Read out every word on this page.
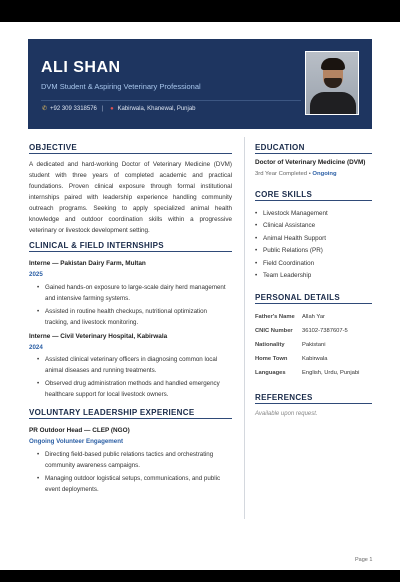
ALI SHAN
DVM Student & Aspiring Veterinary Professional
✆ +92 309 3318576 | ● Kabirwala, Khanewal, Punjab
OBJECTIVE
A dedicated and hard-working Doctor of Veterinary Medicine (DVM) student with three years of completed academic and practical foundations. Proven clinical exposure through formal institutional internships paired with leadership experience handling community outreach programs. Seeking to apply specialized animal health knowledge and outdoor coordination skills within a progressive veterinary or livestock development setting.
CLINICAL & FIELD INTERNSHIPS
Interne — Pakistan Dairy Farm, Multan
2025
• Gained hands-on exposure to large-scale dairy herd management and intensive farming systems.
• Assisted in routine health checkups, nutritional optimization tracking, and livestock monitoring.
Interne — Civil Veterinary Hospital, Kabirwala
2024
• Assisted clinical veterinary officers in diagnosing common local animal diseases and running treatments.
• Observed drug administration methods and handled emergency healthcare support for local livestock owners.
VOLUNTARY LEADERSHIP EXPERIENCE
PR Outdoor Head — CLEP (NGO)
Ongoing Volunteer Engagement
• Directing field-based public relations tactics and orchestrating community awareness campaigns.
• Managing outdoor logistical setups, communications, and public event deployments.
EDUCATION
Doctor of Veterinary Medicine (DVM)
3rd Year Completed • Ongoing
CORE SKILLS
• Livestock Management
• Clinical Assistance
• Animal Health Support
• Public Relations (PR)
• Field Coordination
• Team Leadership
PERSONAL DETAILS
Father's Name Allah Yar
CNIC Number 36102-7387607-5
Nationality	Pakistani
Home Town	Kabirwala
Languages	English, Urdu, Punjabi
REFERENCES
Available upon request.
Page 1
